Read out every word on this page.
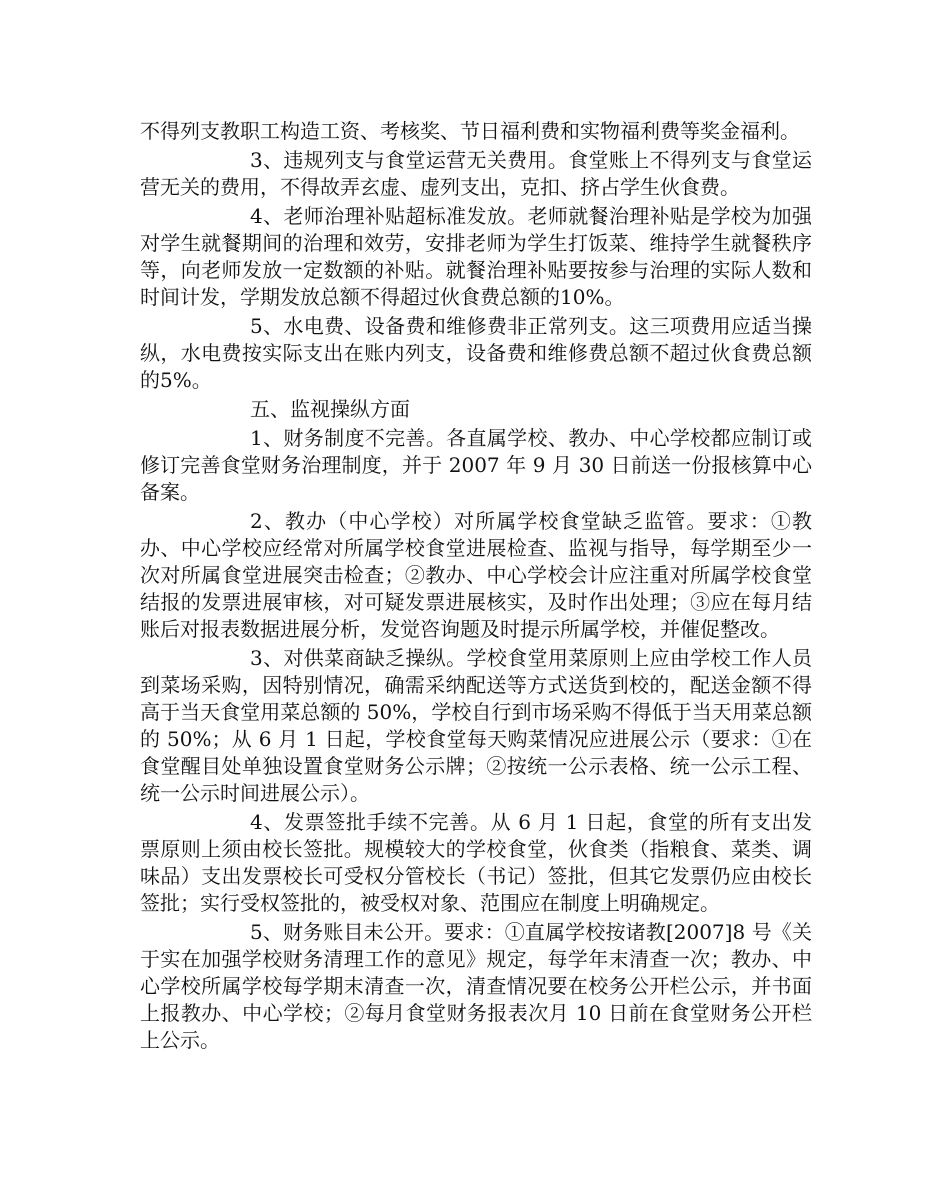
不得列支教职工构造工资、考核奖、节日福利费和实物福利费等奖金福利。

3、违规列支与食堂运营无关费用。食堂账上不得列支与食堂运营无关的费用，不得故弄玄虚、虚列支出，克扣、挤占学生伙食费。

4、老师治理补贴超标准发放。老师就餐治理补贴是学校为加强对学生就餐期间的治理和效劳，安排老师为学生打饭菜、维持学生就餐秩序等，向老师发放一定数额的补贴。就餐治理补贴要按参与治理的实际人数和时间计发，学期发放总额不得超过伙食费总额的10%。

5、水电费、设备费和维修费非正常列支。这三项费用应适当操纵，水电费按实际支出在账内列支，设备费和维修费总额不超过伙食费总额的5%。

五、监视操纵方面

1、财务制度不完善。各直属学校、教办、中心学校都应制订或修订完善食堂财务治理制度，并于 2007 年 9 月 30 日前送一份报核算中心备案。

2、教办（中心学校）对所属学校食堂缺乏监管。要求：①教办、中心学校应经常对所属学校食堂进展检查、监视与指导，每学期至少一次对所属食堂进展突击检查；②教办、中心学校会计应注重对所属学校食堂结报的发票进展审核，对可疑发票进展核实，及时作出处理；③应在每月结账后对报表数据进展分析，发觉咨询题及时提示所属学校，并催促整改。

3、对供菜商缺乏操纵。学校食堂用菜原则上应由学校工作人员到菜场采购，因特别情况，确需采纳配送等方式送货到校的，配送金额不得高于当天食堂用菜总额的 50%，学校自行到市场采购不得低于当天用菜总额的 50%；从 6 月 1 日起，学校食堂每天购菜情况应进展公示（要求：①在食堂醒目处单独设置食堂财务公示牌；②按统一公示表格、统一公示工程、统一公示时间进展公示）。

4、发票签批手续不完善。从 6 月 1 日起，食堂的所有支出发票原则上须由校长签批。规模较大的学校食堂，伙食类（指粮食、菜类、调味品）支出发票校长可受权分管校长（书记）签批，但其它发票仍应由校长签批；实行受权签批的，被受权对象、范围应在制度上明确规定。

5、财务账目未公开。要求：①直属学校按诸教[2007]8 号《关于实在加强学校财务清理工作的意见》规定，每学年末清查一次；教办、中心学校所属学校每学期末清查一次，清查情况要在校务公开栏公示，并书面上报教办、中心学校；②每月食堂财务报表次月 10 日前在食堂财务公开栏上公示。
